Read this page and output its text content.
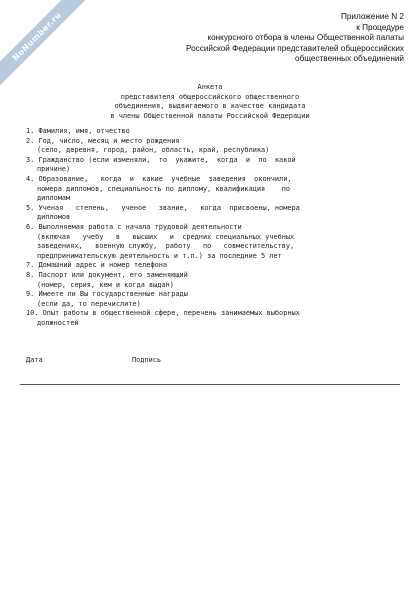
NoNumber.ru	Приложение N 2
к Процедуре
конкурсного отбора в члены Общественной палаты
Российской Федерации представителей общероссийских
общественных объединений
Анкета
представителя общероссийского общественного
объединения, выдвигаемого в качестве кандидата
в члены Общественной палаты Российской Федерации
1. Фамилия, имя, отчество
2. Год, число, месяц и место рождения
(село, деревня, город, район, область, край, республика)
3. Гражданство (если изменяли,  то  укажите,  когда  и  по  какой
причине)
4. Образование,   когда  и  какие  учебные  заведения  окончили,
номера дипломов, специальность по диплому, квалификация    по
дипломам
5. Ученая   степень,   ученое   звание,   когда  присвоены, номера
дипломов
6. Выполняемая работа с начала трудовой деятельности
(включая   учебу   в   высших   и  средних специальных учебных
заведениях,   военную службу,  работу   по   совместительству,
предпринимательскую деятельность и т.п.) за последние 5 лет
7. Домашний адрес и номер телефона
8. Паспорт или документ, его заменяющий
(номер, серия, кем и когда выдан)
9. Имеете ли Вы государственные награды
(если да, то перечислите)
10. Опыт работы в общественной сфере, перечень занимаемых выборных
должностей
Дата	Подпись
